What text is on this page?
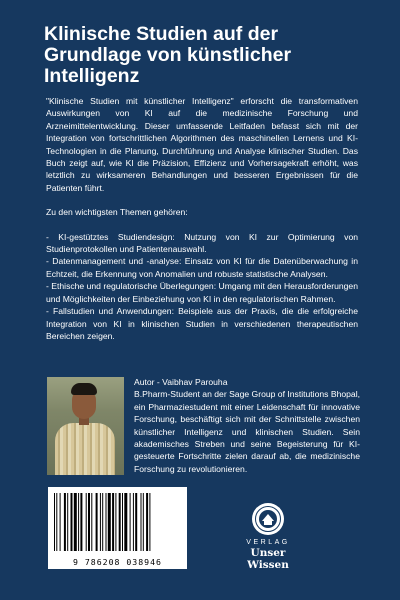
Klinische Studien auf der
Grundlage von künstlicher
Intelligenz

"Klinische Studien mit künstlicher Intelligenz" erforscht die transformativen Auswirkungen von KI auf die medizinische Forschung und Arzneimittelentwicklung. Dieser umfassende Leitfaden befasst sich mit der Integration von fortschrittlichen Algorithmen des maschinellen Lernens und KI-Technologien in die Planung, Durchführung und Analyse klinischer Studien. Das Buch zeigt auf, wie KI die Präzision, Effizienz und Vorhersagekraft erhöht, was letztlich zu wirksameren Behandlungen und besseren Ergebnissen für die Patienten führt.

Zu den wichtigsten Themen gehören:

- KI-gestütztes Studiendesign: Nutzung von KI zur Optimierung von Studienprotokollen und Patientenauswahl.

- Datenmanagement und -analyse: Einsatz von KI für die Datenüberwachung in Echtzeit, die Erkennung von Anomalien und robuste statistische Analysen.

- Ethische und regulatorische Überlegungen: Umgang mit den Herausforderungen und Möglichkeiten der Einbeziehung von KI in den regulatorischen Rahmen.

- Fallstudien und Anwendungen: Beispiele aus der Praxis, die die erfolgreiche Integration von KI in klinischen Studien in verschiedenen therapeutischen Bereichen zeigen.

Autor - Vaibhav Parouha

B.Pharm-Student an der Sage Group of Institutions Bhopal, ein Pharmaziestudent mit einer Leidenschaft für innovative Forschung, beschäftigt sich mit der Schnittstelle zwischen künstlicher Intelligenz und klinischen Studien. Sein akademisches Streben und seine Begeisterung für KI-gesteuerte Fortschritte zielen darauf ab, die medizinische Forschung zu revolutionieren.

9 786208 038946
VERLAG
Unser Wissen
